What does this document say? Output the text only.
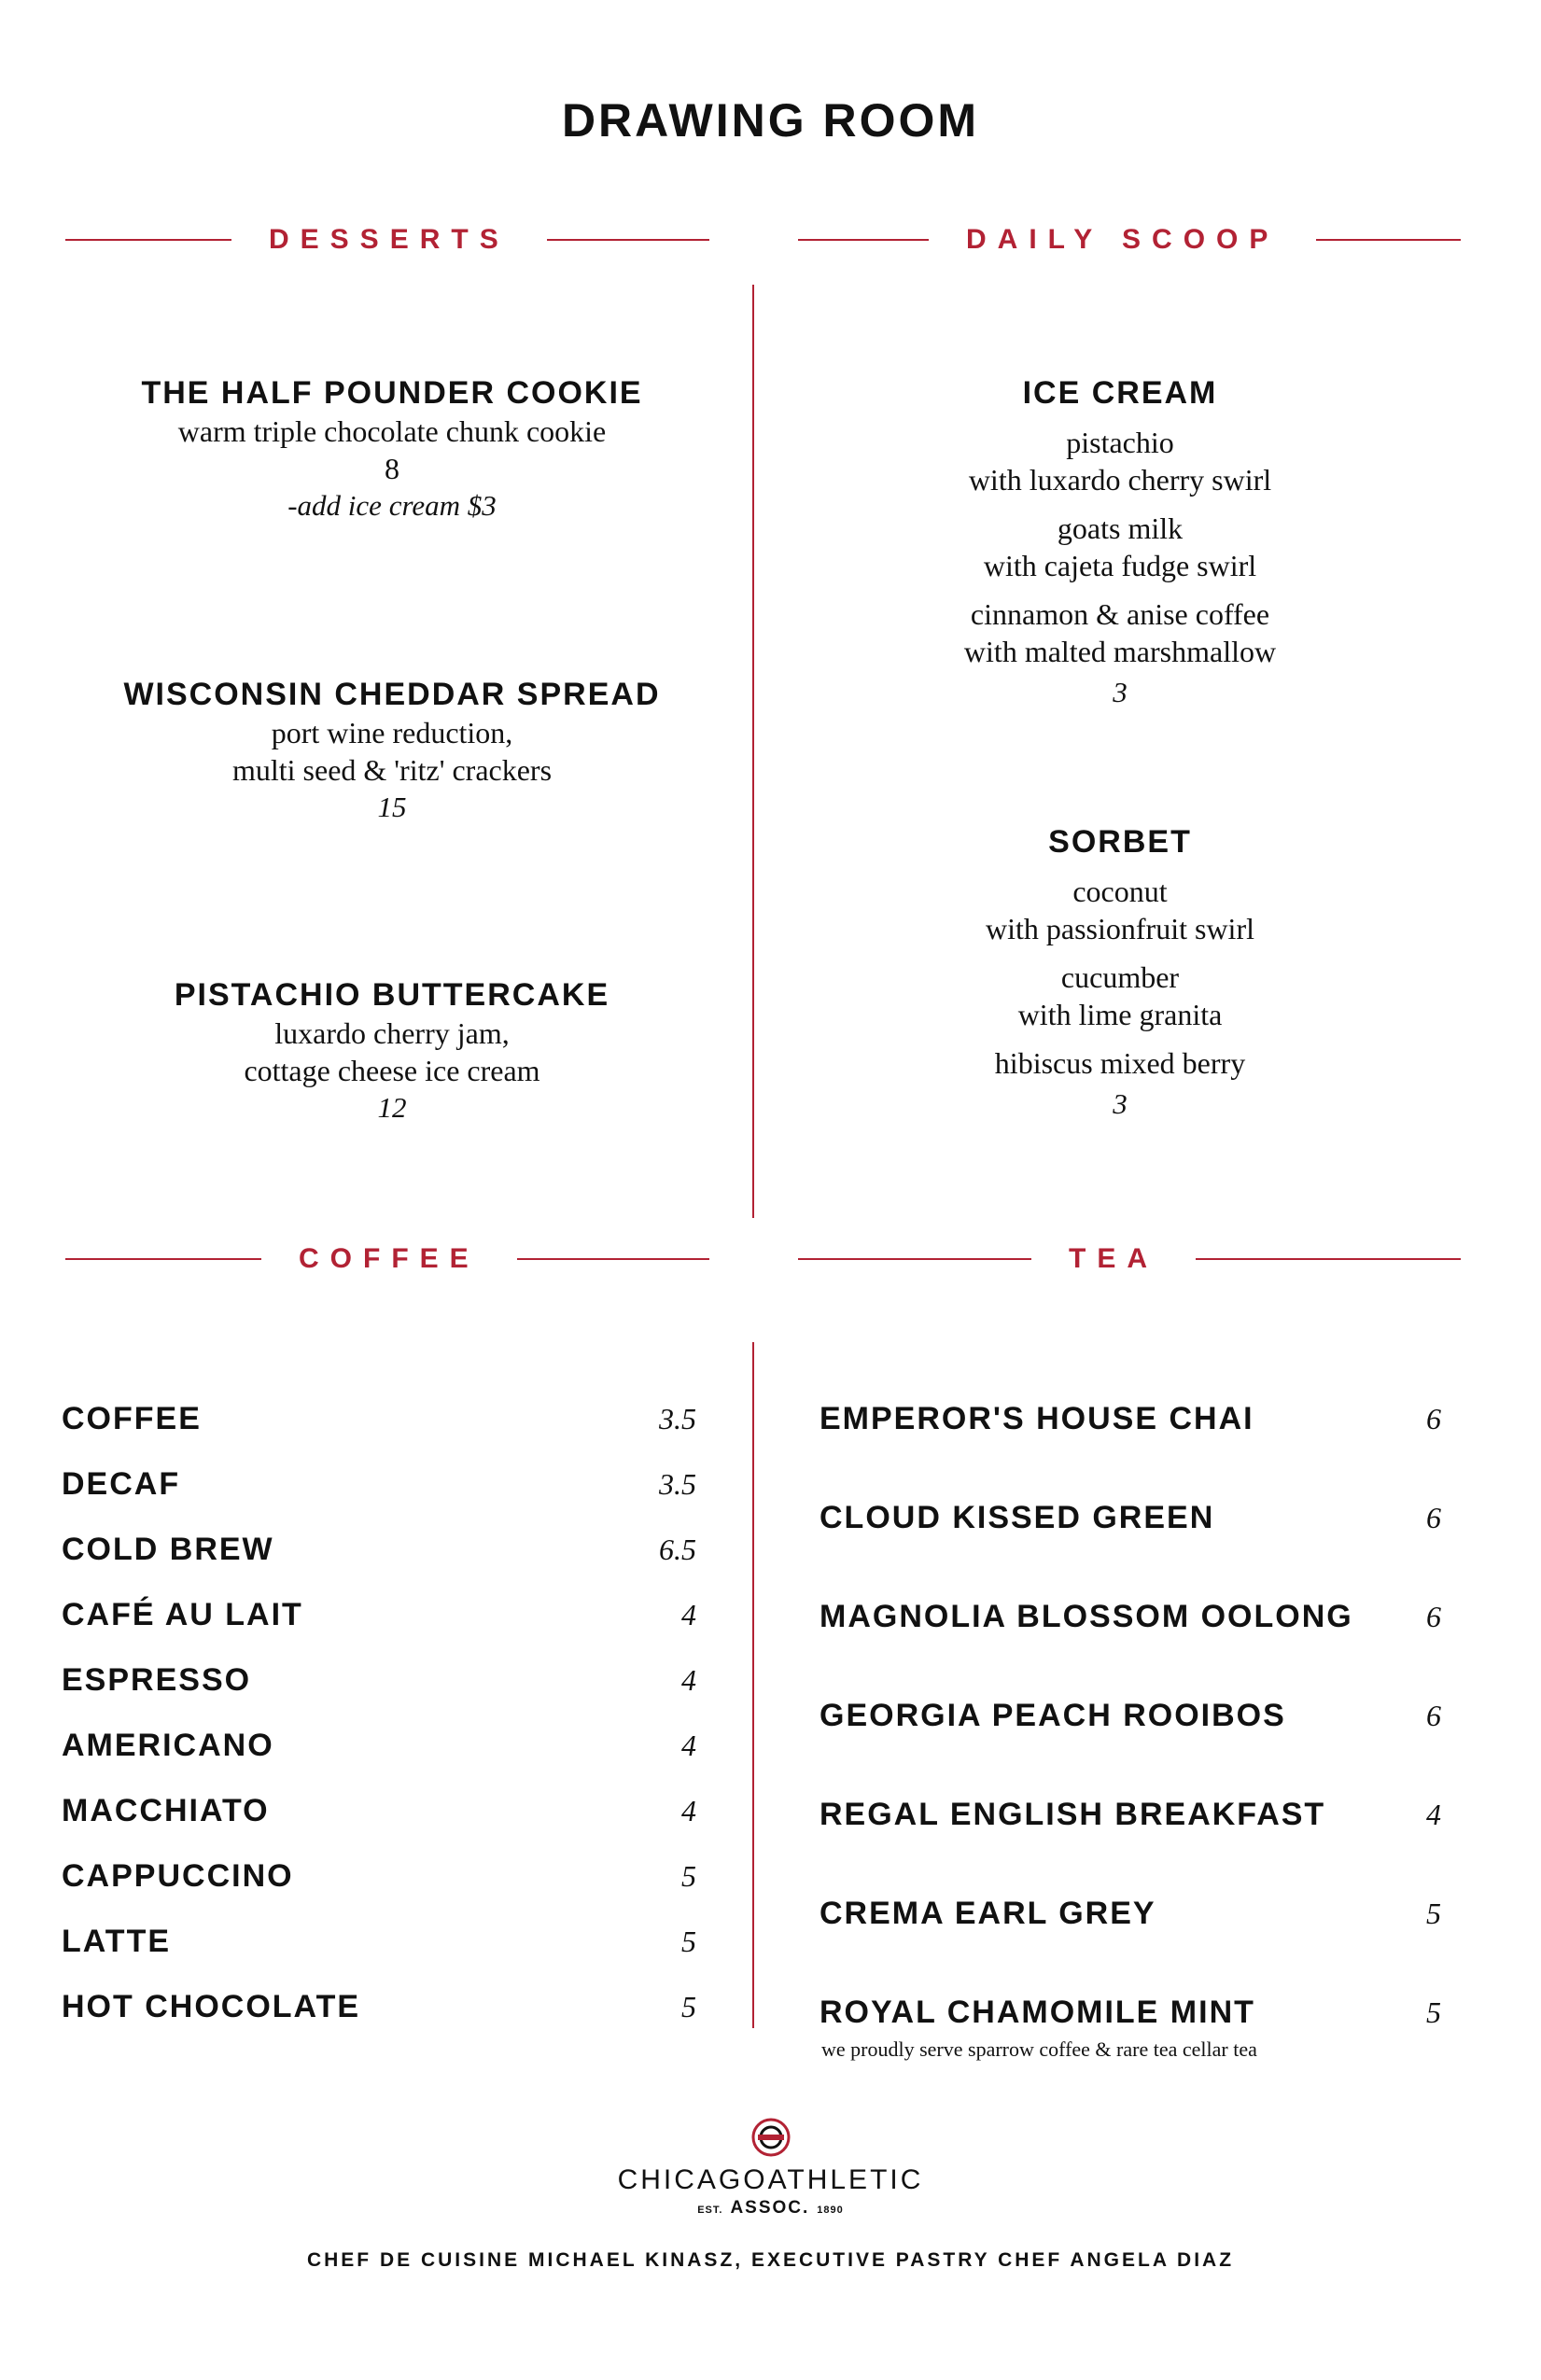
DRAWING ROOM
DESSERTS	DAILY SCOOP
COFFEE	TEA
THE HALF POUNDER COOKIE
warm triple chocolate chunk cookie
8
-add ice cream $3
WISCONSIN CHEDDAR SPREAD
port wine reduction,
multi seed & 'ritz' crackers
15
PISTACHIO BUTTERCAKE
luxardo cherry jam,
cottage cheese ice cream
12
ICE CREAM
pistachio
with luxardo cherry swirl
goats milk
with cajeta fudge swirl
cinnamon & anise coffee
with malted marshmallow
3
SORBET
coconut
with passionfruit swirl
cucumber
with lime granita
hibiscus mixed berry
3
COFFEE	3.5
DECAF	3.5
COLD BREW	6.5
CAFÉ AU LAIT	4
ESPRESSO	4
AMERICANO	4
MACCHIATO	4
CAPPUCCINO	5
LATTE	5
HOT CHOCOLATE	5
EMPEROR'S HOUSE CHAI	6
CLOUD KISSED GREEN	6
MAGNOLIA BLOSSOM OOLONG 6
GEORGIA PEACH ROOIBOS	6
REGAL ENGLISH BREAKFAST	4
CREMA EARL GREY	5
ROYAL CHAMOMILE MINT	5
we proudly serve sparrow coffee & rare tea cellar tea
CHICAGOATHLETIC
EST. ASSOC. 1890
CHEF DE CUISINE MICHAEL KINASZ, EXECUTIVE PASTRY CHEF ANGELA DIAZ
